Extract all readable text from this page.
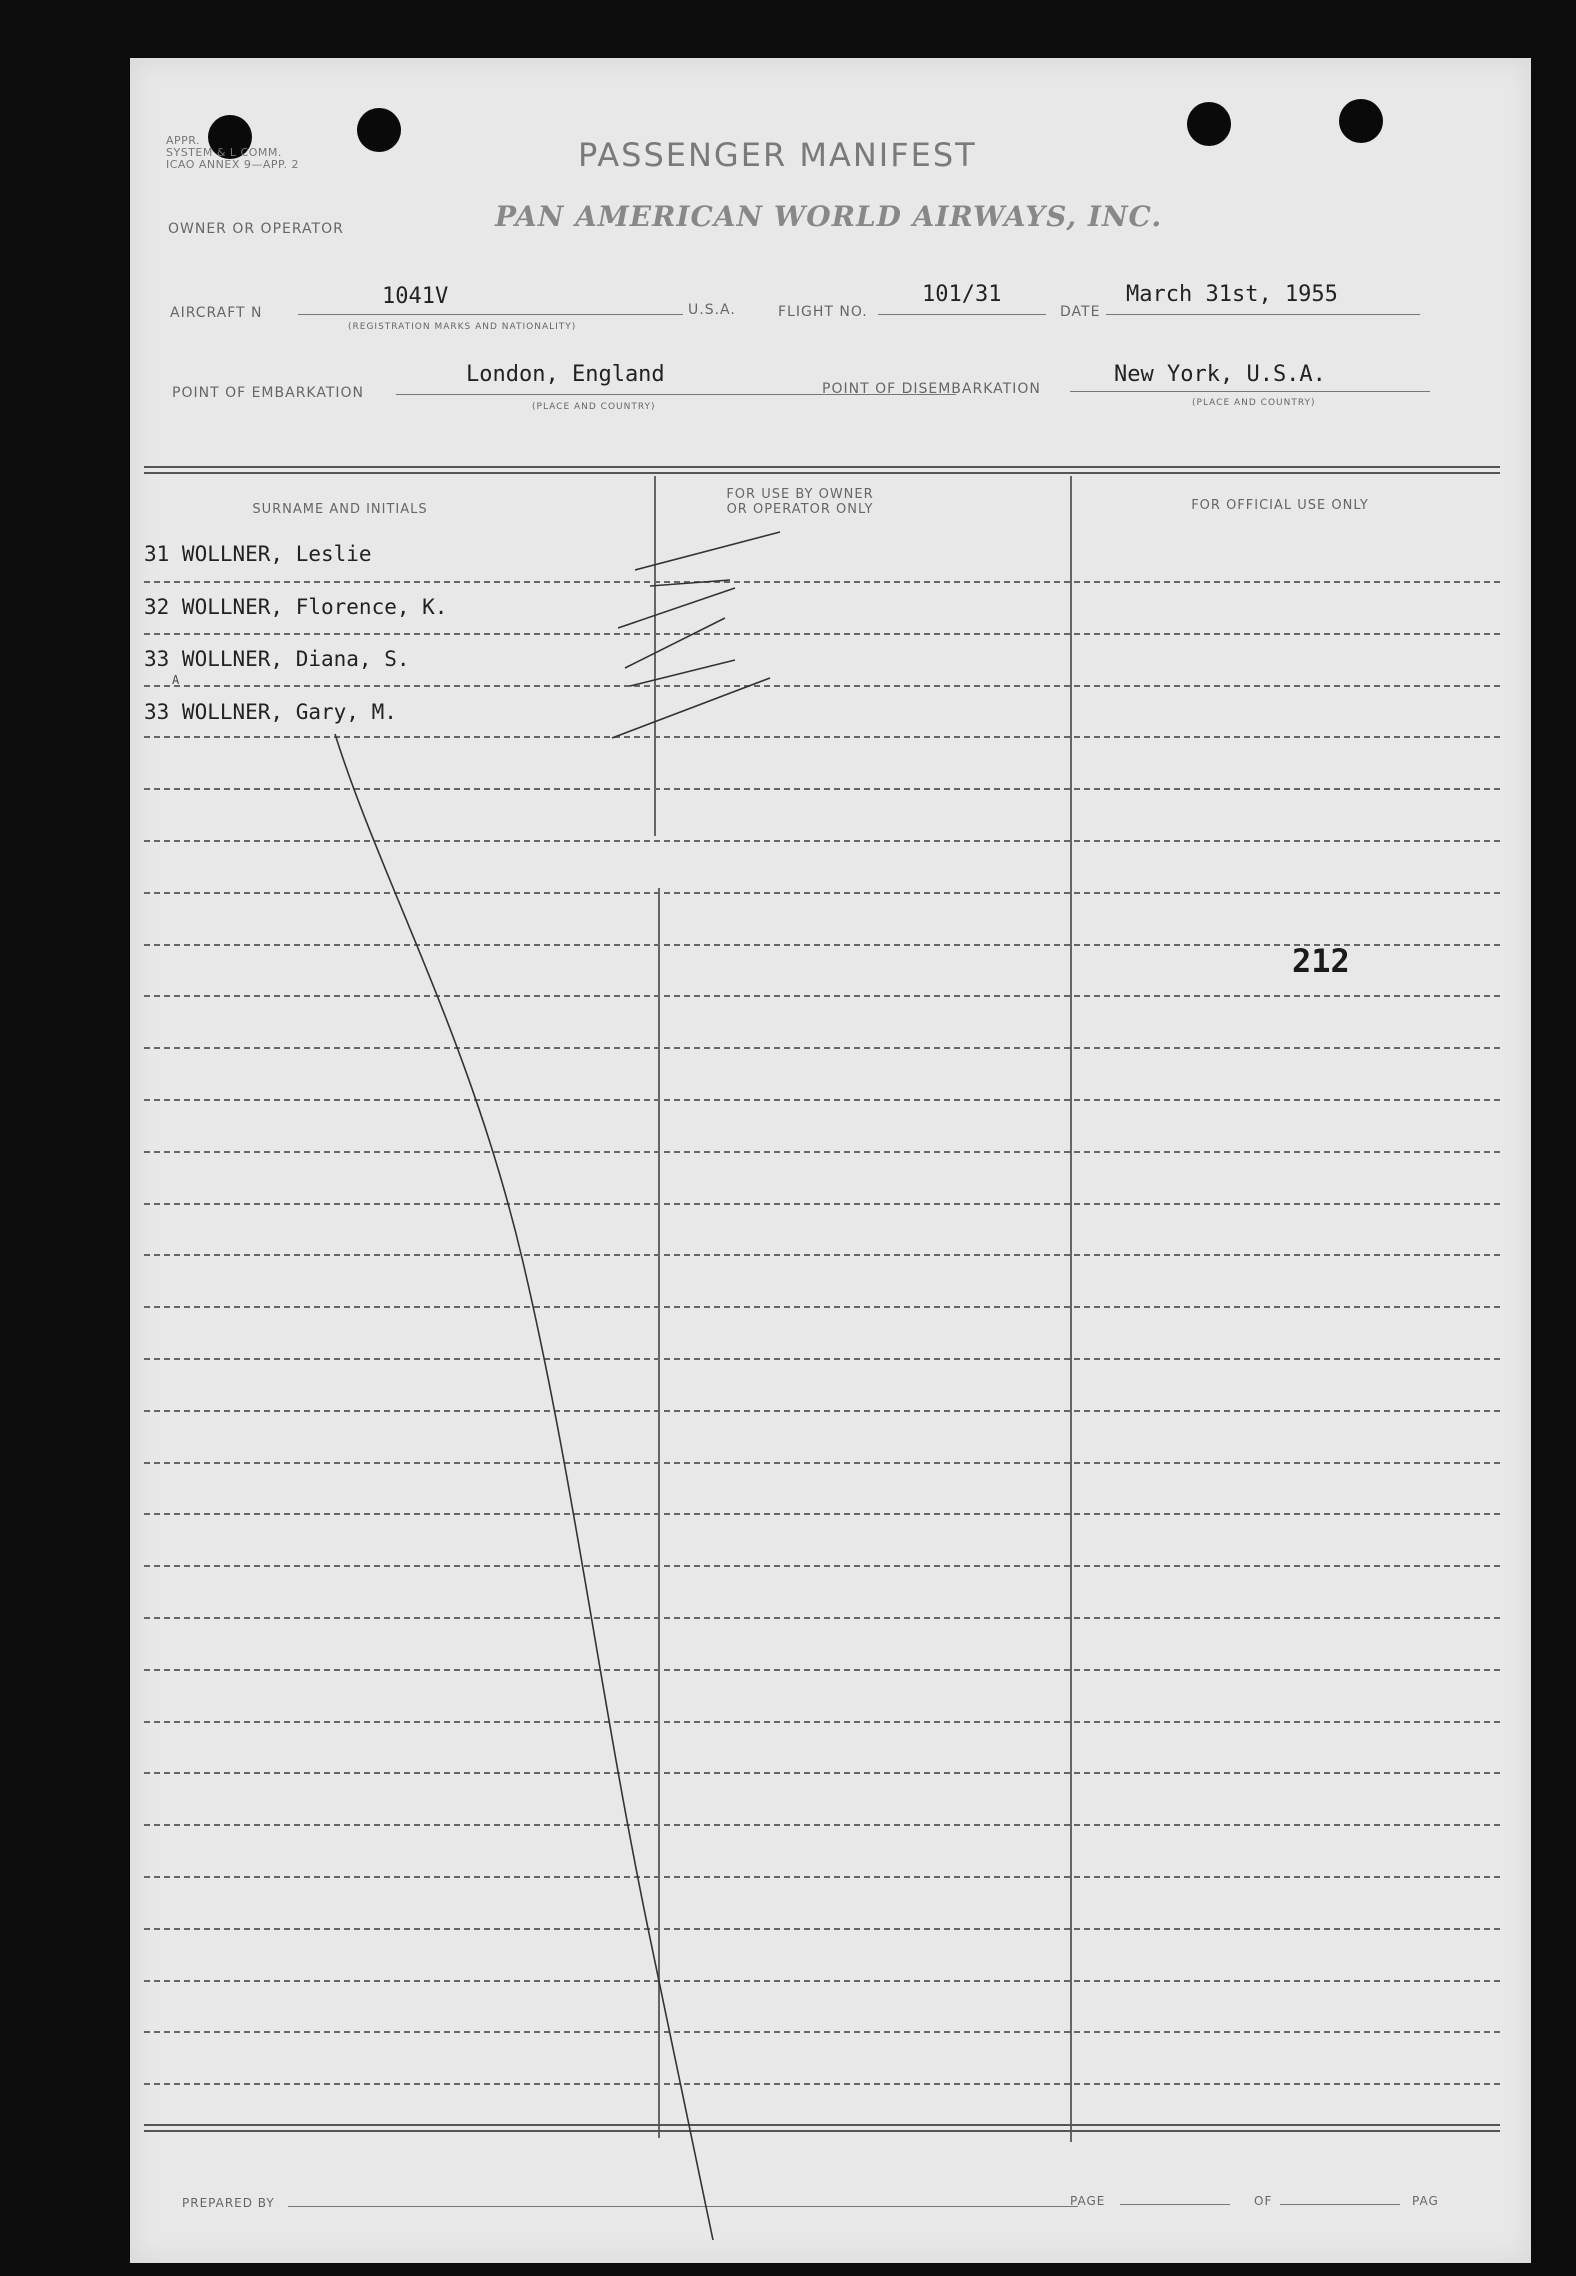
APPR.
SYSTEM & L COMM.
ICAO ANNEX 9—APP. 2	PASSENGER MANIFEST
OWNER OR OPERATOR	PAN AMERICAN WORLD AIRWAYS, INC.
AIRCRAFT N
1041V
(REGISTRATION MARKS AND NATIONALITY)
U.S.A.	FLIGHT NO.
101/31
DATE
March 31st, 1955
POINT OF EMBARKATION
London, England
(PLACE AND COUNTRY)
POINT OF DISEMBARKATION
New York, U.S.A.
(PLACE AND COUNTRY)
SURNAME AND INITIALS
FOR USE BY OWNER
OR OPERATOR ONLY	FOR OFFICIAL USE ONLY
31 WOLLNER, Leslie
32 WOLLNER, Florence, K.
33 WOLLNER, Diana, S.
A
33 WOLLNER, Gary, M.
212
PREPARED BY	PAGE	OF	PAG
